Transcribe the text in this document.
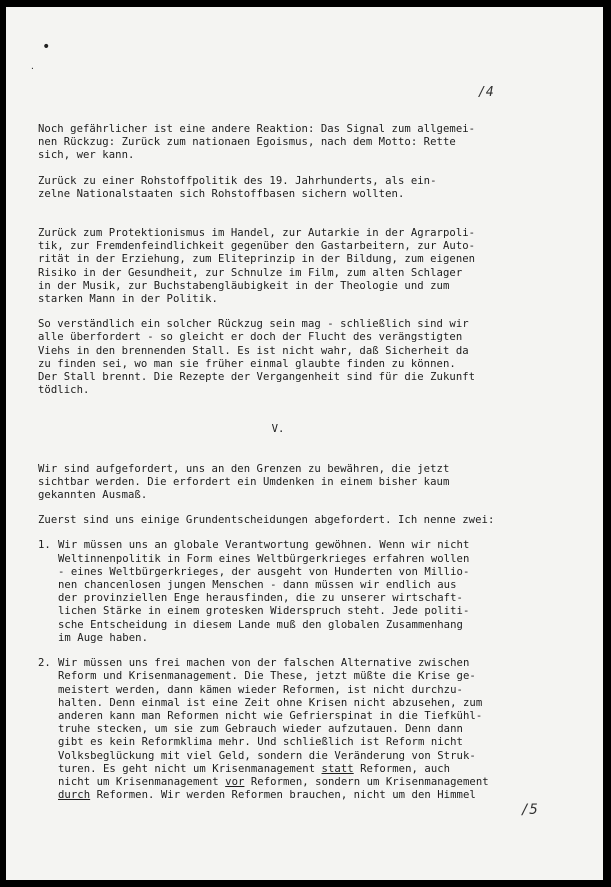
•
·
/4

Noch gefährlicher ist eine andere Reaktion: Das Signal zum allgemei-

nen Rückzug: Zurück zum nationaen Egoismus, nach dem Motto: Rette

sich, wer kann.

Zurück zu einer Rohstoffpolitik des 19. Jahrhunderts, als ein-

zelne Nationalstaaten sich Rohstoffbasen sichern wollten.

Zurück zum Protektionismus im Handel, zur Autarkie in der Agrarpoli-

tik, zur Fremdenfeindlichkeit gegenüber den Gastarbeitern, zur Auto-

rität in der Erziehung, zum Eliteprinzip in der Bildung, zum eigenen

Risiko in der Gesundheit, zur Schnulze im Film, zum alten Schlager

in der Musik, zur Buchstabengläubigkeit in der Theologie und zum

starken Mann in der Politik.

So verständlich ein solcher Rückzug sein mag - schließlich sind wir

alle überfordert - so gleicht er doch der Flucht des verängstigten

Viehs in den brennenden Stall. Es ist nicht wahr, daß Sicherheit da

zu finden sei, wo man sie früher einmal glaubte finden zu können.

Der Stall brennt. Die Rezepte der Vergangenheit sind für die Zukunft

tödlich.

V.

Wir sind aufgefordert, uns an den Grenzen zu bewähren, die jetzt

sichtbar werden. Die erfordert ein Umdenken in einem bisher kaum

gekannten Ausmaß.

Zuerst sind uns einige Grundentscheidungen abgefordert. Ich nenne zwei:

1. Wir müssen uns an globale Verantwortung gewöhnen. Wenn wir nicht

Weltinnenpolitik in Form eines Weltbürgerkrieges erfahren wollen

- eines Weltbürgerkrieges, der ausgeht von Hunderten von Millio-

nen chancenlosen jungen Menschen - dann müssen wir endlich aus

der provinziellen Enge herausfinden, die zu unserer wirtschaft-

lichen Stärke in einem grotesken Widerspruch steht. Jede politi-

sche Entscheidung in diesem Lande muß den globalen Zusammenhang

im Auge haben.

2. Wir müssen uns frei machen von der falschen Alternative zwischen

Reform und Krisenmanagement. Die These, jetzt müßte die Krise ge-

meistert werden, dann kämen wieder Reformen, ist nicht durchzu-

halten. Denn einmal ist eine Zeit ohne Krisen nicht abzusehen, zum

anderen kann man Reformen nicht wie Gefrierspinat in die Tiefkühl-

truhe stecken, um sie zum Gebrauch wieder aufzutauen. Denn dann

gibt es kein Reformklima mehr. Und schließlich ist Reform nicht

Volksbeglückung mit viel Geld, sondern die Veränderung von Struk-

turen. Es geht nicht um Krisenmanagement statt Reformen, auch

nicht um Krisenmanagement vor Reformen, sondern um Krisenmanagement

durch Reformen. Wir werden Reformen brauchen, nicht um den Himmel

/5
